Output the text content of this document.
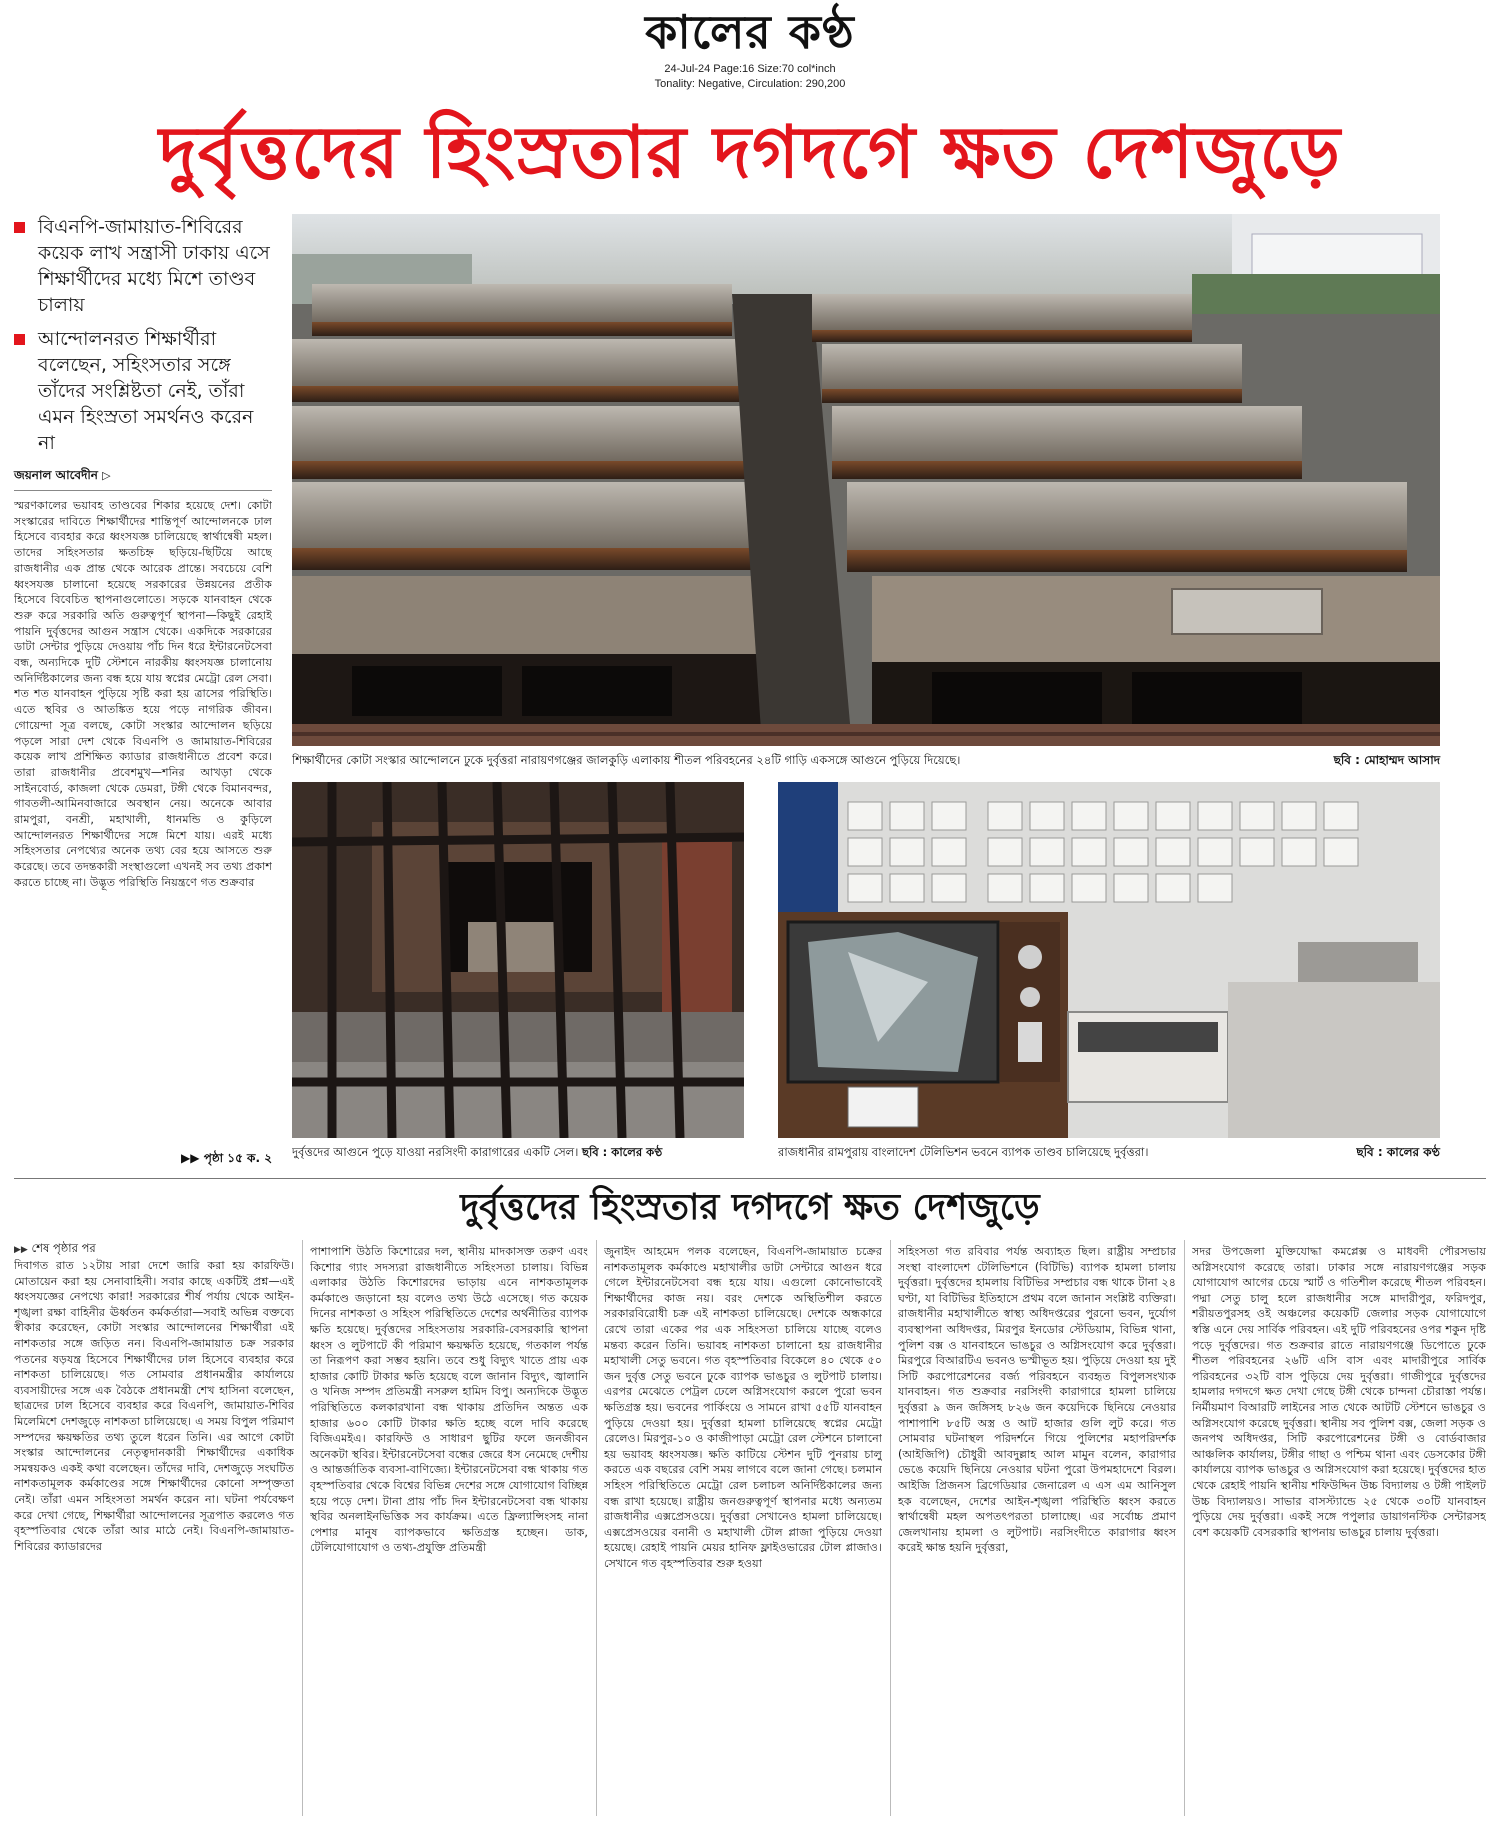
কালের কণ্ঠ
24-Jul-24 Page:16 Size:70 col*inch
Tonality: Negative, Circulation: 290,200
দুর্বৃত্তদের হিংস্রতার দগদগে ক্ষত দেশজুড়ে
বিএনপি-জামায়াত-শিবিরের কয়েক লাখ সন্ত্রাসী ঢাকায় এসে শিক্ষার্থীদের মধ্যে মিশে তাণ্ডব চালায়
আন্দোলনরত শিক্ষার্থীরা বলেছেন, সহিংসতার সঙ্গে তাঁদের সংশ্লিষ্টতা নেই, তাঁরা এমন হিংস্রতা সমর্থনও করেন না
জয়নাল আবেদীন ▷
স্মরণকালের ভয়াবহ তাণ্ডবের শিকার হয়েছে দেশ। কোটা সংস্কারের দাবিতে শিক্ষার্থীদের শান্তিপূর্ণ আন্দোলনকে ঢাল হিসেবে ব্যবহার করে ধ্বংসযজ্ঞ চালিয়েছে স্বার্থান্বেষী মহল। তাদের সহিংসতার ক্ষতচিহ্ন ছড়িয়ে-ছিটিয়ে আছে রাজধানীর এক প্রান্ত থেকে আরেক প্রান্তে। সবচেয়ে বেশি ধ্বংসযজ্ঞ চালানো হয়েছে সরকারের উন্নয়নের প্রতীক হিসেবে বিবেচিত স্থাপনাগুলোতে। সড়কে যানবাহন থেকে শুরু করে সরকারি অতি গুরুত্বপূর্ণ স্থাপনা—কিছুই রেহাই পায়নি দুর্বৃত্তদের আগুন সন্ত্রাস থেকে। একদিকে সরকারের ডাটা সেন্টার পুড়িয়ে দেওয়ায় পাঁচ দিন ধরে ইন্টারনেটসেবা বন্ধ, অন্যদিকে দুটি স্টেশনে নারকীয় ধ্বংসযজ্ঞ চালানোয় অনির্দিষ্টকালের জন্য বন্ধ হয়ে যায় স্বপ্নের মেট্রো রেল সেবা। শত শত যানবাহন পুড়িয়ে সৃষ্টি করা হয় ত্রাসের পরিস্থিতি। এতে স্থবির ও আতঙ্কিত হয়ে পড়ে নাগরিক জীবন। গোয়েন্দা সূত্র বলছে, কোটা সংস্কার আন্দোলন ছড়িয়ে পড়লে সারা দেশ থেকে বিএনপি ও জামায়াত-শিবিরের কয়েক লাখ প্রশিক্ষিত ক্যাডার রাজধানীতে প্রবেশ করে। তারা রাজধানীর প্রবেশমুখ—শনির আখড়া থেকে সাইনবোর্ড, কাজলা থেকে ডেমরা, টঙ্গী থেকে বিমানবন্দর, গাবতলী-আমিনবাজারে অবস্থান নেয়। অনেকে আবার রামপুরা, বনশ্রী, মহাখালী, ধানমন্ডি ও কুড়িলে আন্দোলনরত শিক্ষার্থীদের সঙ্গে মিশে যায়। এরই মধ্যে সহিংসতার নেপথ্যের অনেক তথ্য বের হয়ে আসতে শুরু করেছে। তবে তদন্তকারী সংস্থাগুলো এখনই সব তথ্য প্রকাশ করতে চাচ্ছে না। উদ্ভূত পরিস্থিতি নিয়ন্ত্রণে গত শুক্রবার
▶▶ পৃষ্ঠা ১৫ ক. ২
শিক্ষার্থীদের কোটা সংস্কার আন্দোলনে ঢুকে দুর্বৃত্তরা নারায়ণগঞ্জের জালকুড়ি এলাকায় শীতল পরিবহনের ২৪টি গাড়ি একসঙ্গে আগুনে পুড়িয়ে দিয়েছে।	ছবি : মোহাম্মদ আসাদ
দুর্বৃত্তদের আগুনে পুড়ে যাওয়া নরসিংদী কারাগারের একটি সেল। ছবি : কালের কণ্ঠ	রাজধানীর রামপুরায় বাংলাদেশ টেলিভিশন ভবনে ব্যাপক তাণ্ডব চালিয়েছে দুর্বৃত্তরা।	ছবি : কালের কণ্ঠ
দুর্বৃত্তদের হিংস্রতার দগদগে ক্ষত দেশজুড়ে
▶▶ শেষ পৃষ্ঠার পর
দিবাগত রাত ১২টায় সারা দেশে জারি করা হয় কারফিউ। মোতায়েন করা হয় সেনাবাহিনী। সবার কাছে একটিই প্রশ্ন—এই ধ্বংসযজ্ঞের নেপথ্যে কারা! সরকারের শীর্ষ পর্যায় থেকে আইন-শৃঙ্খলা রক্ষা বাহিনীর ঊর্ধ্বতন কর্মকর্তারা—সবাই অভিন্ন বক্তব্যে স্বীকার করেছেন, কোটা সংস্কার আন্দোলনের শিক্ষার্থীরা এই নাশকতার সঙ্গে জড়িত নন। বিএনপি-জামায়াত চক্র সরকার পতনের ষড়যন্ত্র হিসেবে শিক্ষার্থীদের ঢাল হিসেবে ব্যবহার করে নাশকতা চালিয়েছে। গত সোমবার প্রধানমন্ত্রীর কার্যালয়ে ব্যবসায়ীদের সঙ্গে এক বৈঠকে প্রধানমন্ত্রী শেখ হাসিনা বলেছেন, ছাত্রদের ঢাল হিসেবে ব্যবহার করে বিএনপি, জামায়াত-শিবির মিলেমিশে দেশজুড়ে নাশকতা চালিয়েছে। এ সময় বিপুল পরিমাণ সম্পদের ক্ষয়ক্ষতির তথ্য তুলে ধরেন তিনি। এর আগে কোটা সংস্কার আন্দোলনের নেতৃত্বদানকারী শিক্ষার্থীদের একাধিক সমন্বয়কও একই কথা বলেছেন। তাঁদের দাবি, দেশজুড়ে সংঘটিত নাশকতামূলক কর্মকাণ্ডের সঙ্গে শিক্ষার্থীদের কোনো সম্পৃক্ততা নেই। তাঁরা এমন সহিংসতা সমর্থন করেন না। ঘটনা পর্যবেক্ষণ করে দেখা গেছে, শিক্ষার্থীরা আন্দোলনের সূত্রপাত করলেও গত বৃহস্পতিবার থেকে তাঁরা আর মাঠে নেই। বিএনপি-জামায়াত-শিবিরের ক্যাডারদের
পাশাপাশি উঠতি কিশোরের দল, স্থানীয় মাদকাসক্ত তরুণ এবং কিশোর গ্যাং সদস্যরা রাজধানীতে সহিংসতা চালায়। বিভিন্ন এলাকার উঠতি কিশোরদের ভাড়ায় এনে নাশকতামূলক কর্মকাণ্ডে জড়ানো হয় বলেও তথ্য উঠে এসেছে। গত কয়েক দিনের নাশকতা ও সহিংস পরিস্থিতিতে দেশের অর্থনীতির ব্যাপক ক্ষতি হয়েছে। দুর্বৃত্তদের সহিংসতায় সরকারি-বেসরকারি স্থাপনা ধ্বংস ও লুটপাটে কী পরিমাণ ক্ষয়ক্ষতি হয়েছে, গতকাল পর্যন্ত তা নিরূপণ করা সম্ভব হয়নি। তবে শুধু বিদ্যুৎ খাতে প্রায় এক হাজার কোটি টাকার ক্ষতি হয়েছে বলে জানান বিদ্যুৎ, জ্বালানি ও খনিজ সম্পদ প্রতিমন্ত্রী নসরুল হামিদ বিপু। অন্যদিকে উদ্ভূত পরিস্থিতিতে কলকারখানা বন্ধ থাকায় প্রতিদিন অন্তত এক হাজার ৬০০ কোটি টাকার ক্ষতি হচ্ছে বলে দাবি করেছে বিজিএমইএ। কারফিউ ও সাধারণ ছুটির ফলে জনজীবন অনেকটা স্থবির। ইন্টারনেটসেবা বন্ধের জেরে ধস নেমেছে দেশীয় ও আন্তর্জাতিক ব্যবসা-বাণিজ্যে। ইন্টারনেটসেবা বন্ধ থাকায় গত বৃহস্পতিবার থেকে বিশ্বের বিভিন্ন দেশের সঙ্গে যোগাযোগ বিচ্ছিন্ন হয়ে পড়ে দেশ। টানা প্রায় পাঁচ দিন ইন্টারনেটসেবা বন্ধ থাকায় স্থবির অনলাইনভিত্তিক সব কার্যক্রম। এতে ফ্রিল্যান্সিংসহ নানা পেশার মানুষ ব্যাপকভাবে ক্ষতিগ্রস্ত হচ্ছেন। ডাক, টেলিযোগাযোগ ও তথ্য-প্রযুক্তি প্রতিমন্ত্রী
জুনাইদ আহমেদ পলক বলেছেন, বিএনপি-জামায়াত চক্রের নাশকতামূলক কর্মকাণ্ডে মহাখালীর ডাটা সেন্টারে আগুন ধরে গেলে ইন্টারনেটসেবা বন্ধ হয়ে যায়। এগুলো কোনোভাবেই শিক্ষার্থীদের কাজ নয়। বরং দেশকে অস্থিতিশীল করতে সরকারবিরোধী চক্র এই নাশকতা চালিয়েছে। দেশকে অন্ধকারে রেখে তারা একের পর এক সহিংসতা চালিয়ে যাচ্ছে বলেও মন্তব্য করেন তিনি। ভয়াবহ নাশকতা চালানো হয় রাজধানীর মহাখালী সেতু ভবনে। গত বৃহস্পতিবার বিকেলে ৪০ থেকে ৫০ জন দুর্বৃত্ত সেতু ভবনে ঢুকে ব্যাপক ভাঙচুর ও লুটপাট চালায়। এরপর মেঝেতে পেট্রল ঢেলে অগ্নিসংযোগ করলে পুরো ভবন ক্ষতিগ্রস্ত হয়। ভবনের পার্কিংয়ে ও সামনে রাখা ৫৫টি যানবাহন পুড়িয়ে দেওয়া হয়। দুর্বৃত্তরা হামলা চালিয়েছে স্বপ্নের মেট্রো রেলেও। মিরপুর-১০ ও কাজীপাড়া মেট্রো রেল স্টেশনে চালানো হয় ভয়াবহ ধ্বংসযজ্ঞ। ক্ষতি কাটিয়ে স্টেশন দুটি পুনরায় চালু করতে এক বছরের বেশি সময় লাগবে বলে জানা গেছে। চলমান সহিংস পরিস্থিতিতে মেট্রো রেল চলাচল অনির্দিষ্টকালের জন্য বন্ধ রাখা হয়েছে। রাষ্ট্রীয় জনগুরুত্বপূর্ণ স্থাপনার মধ্যে অন্যতম রাজধানীর এক্সপ্রেসওয়ে। দুর্বৃত্তরা সেখানেও হামলা চালিয়েছে। এক্সপ্রেসওয়ের বনানী ও মহাখালী টোল প্লাজা পুড়িয়ে দেওয়া হয়েছে। রেহাই পায়নি মেয়র হানিফ ফ্লাইওভারের টোল প্লাজাও। সেখানে গত বৃহস্পতিবার শুরু হওয়া
সহিংসতা গত রবিবার পর্যন্ত অব্যাহত ছিল। রাষ্ট্রীয় সম্প্রচার সংস্থা বাংলাদেশ টেলিভিশনে (বিটিভি) ব্যাপক হামলা চালায় দুর্বৃত্তরা। দুর্বৃত্তদের হামলায় বিটিভির সম্প্রচার বন্ধ থাকে টানা ২৪ ঘণ্টা, যা বিটিভির ইতিহাসে প্রথম বলে জানান সংশ্লিষ্ট ব্যক্তিরা। রাজধানীর মহাখালীতে স্বাস্থ্য অধিদপ্তরের পুরনো ভবন, দুর্যোগ ব্যবস্থাপনা অধিদপ্তর, মিরপুর ইনডোর স্টেডিয়াম, বিভিন্ন থানা, পুলিশ বক্স ও যানবাহনে ভাঙচুর ও অগ্নিসংযোগ করে দুর্বৃত্তরা। মিরপুরে বিআরটিএ ভবনও ভস্মীভূত হয়। পুড়িয়ে দেওয়া হয় দুই সিটি করপোরেশনের বর্জ্য পরিবহনে ব্যবহৃত বিপুলসংখ্যক যানবাহন। গত শুক্রবার নরসিংদী কারাগারে হামলা চালিয়ে দুর্বৃত্তরা ৯ জন জঙ্গিসহ ৮২৬ জন কয়েদিকে ছিনিয়ে নেওয়ার পাশাপাশি ৮৫টি অস্ত্র ও আট হাজার গুলি লুট করে। গত সোমবার ঘটনাস্থল পরিদর্শনে গিয়ে পুলিশের মহাপরিদর্শক (আইজিপি) চৌধুরী আবদুল্লাহ আল মামুন বলেন, কারাগার ভেঙে কয়েদি ছিনিয়ে নেওয়ার ঘটনা পুরো উপমহাদেশে বিরল। আইজি প্রিজনস ব্রিগেডিয়ার জেনারেল এ এস এম আনিসুল হক বলেছেন, দেশের আইন-শৃঙ্খলা পরিস্থিতি ধ্বংস করতে স্বার্থান্বেষী মহল অপতৎপরতা চালাচ্ছে। এর সর্বোচ্চ প্রমাণ জেলখানায় হামলা ও লুটপাট। নরসিংদীতে কারাগার ধ্বংস করেই ক্ষান্ত হয়নি দুর্বৃত্তরা,
সদর উপজেলা মুক্তিযোদ্ধা কমপ্লেক্স ও মাধবদী পৌরসভায় অগ্নিসংযোগ করেছে তারা। ঢাকার সঙ্গে নারায়ণগঞ্জের সড়ক যোগাযোগ আগের চেয়ে স্মার্ট ও গতিশীল করেছে শীতল পরিবহন। পদ্মা সেতু চালু হলে রাজধানীর সঙ্গে মাদারীপুর, ফরিদপুর, শরীয়তপুরসহ ওই অঞ্চলের কয়েকটি জেলার সড়ক যোগাযোগে স্বস্তি এনে দেয় সার্বিক পরিবহন। এই দুটি পরিবহনের ওপর শকুন দৃষ্টি পড়ে দুর্বৃত্তদের। গত শুক্রবার রাতে নারায়ণগঞ্জে ডিপোতে ঢুকে শীতল পরিবহনের ২৬টি এসি বাস এবং মাদারীপুরে সার্বিক পরিবহনের ৩২টি বাস পুড়িয়ে দেয় দুর্বৃত্তরা। গাজীপুরে দুর্বৃত্তদের হামলার দগদগে ক্ষত দেখা গেছে টঙ্গী থেকে চান্দনা চৌরাস্তা পর্যন্ত। নির্মীয়মাণ বিআরটি লাইনের সাত থেকে আটটি স্টেশনে ভাঙচুর ও অগ্নিসংযোগ করেছে দুর্বৃত্তরা। স্থানীয় সব পুলিশ বক্স, জেলা সড়ক ও জনপথ অধিদপ্তর, সিটি করপোরেশনের টঙ্গী ও বোর্ডবাজার আঞ্চলিক কার্যালয়, টঙ্গীর গাছা ও পশ্চিম থানা এবং ডেসকোর টঙ্গী কার্যালয়ে ব্যাপক ভাঙচুর ও অগ্নিসংযোগ করা হয়েছে। দুর্বৃত্তদের হাত থেকে রেহাই পায়নি স্থানীয় শফিউদ্দিন উচ্চ বিদ্যালয় ও টঙ্গী পাইলট উচ্চ বিদ্যালয়ও। সাভার বাসস্ট্যান্ডে ২৫ থেকে ৩০টি যানবাহন পুড়িয়ে দেয় দুর্বৃত্তরা। একই সঙ্গে পপুলার ডায়াগনস্টিক সেন্টারসহ বেশ কয়েকটি বেসরকারি স্থাপনায় ভাঙচুর চালায় দুর্বৃত্তরা।
